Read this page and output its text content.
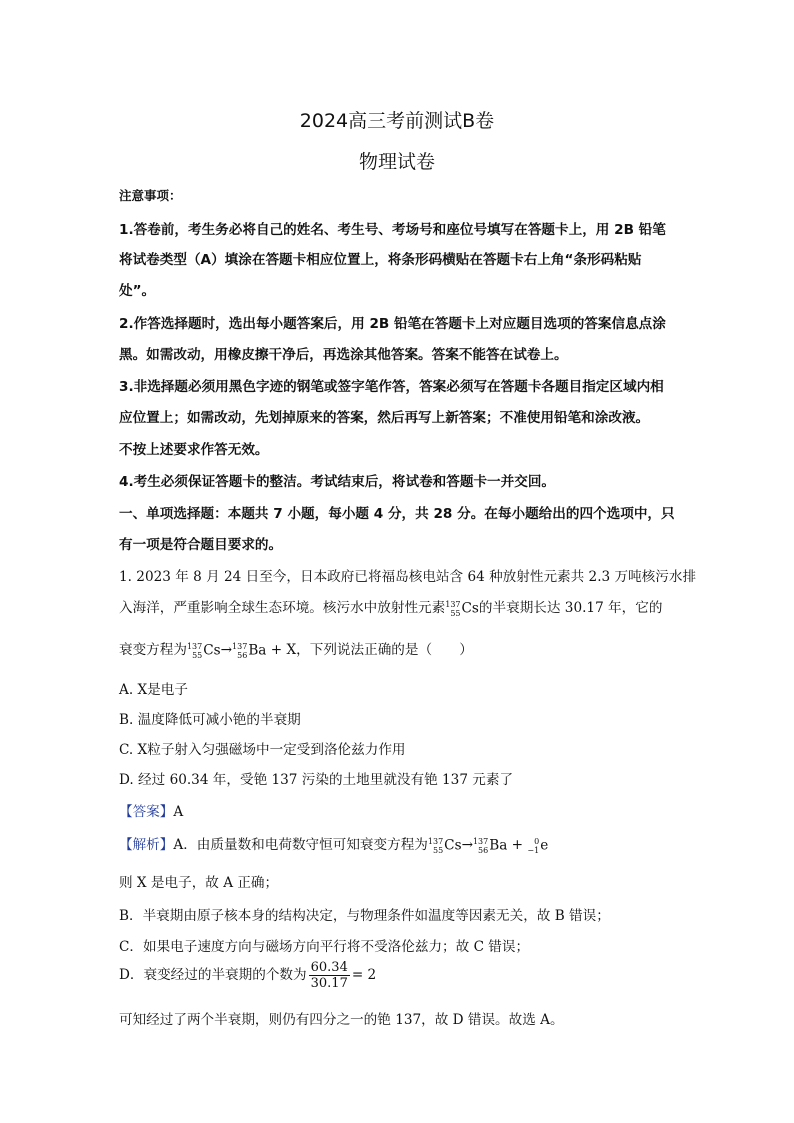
2024高三考前测试B卷
物理试卷
注意事项：
1.答卷前，考生务必将自己的姓名、考生号、考场号和座位号填写在答题卡上，用 2B 铅笔
将试卷类型（A）填涂在答题卡相应位置上，将条形码横贴在答题卡右上角“条形码粘贴
处”。
2.作答选择题时，选出每小题答案后，用 2B 铅笔在答题卡上对应题目选项的答案信息点涂
黑。如需改动，用橡皮擦干净后，再选涂其他答案。答案不能答在试卷上。
3.非选择题必须用黑色字迹的钢笔或签字笔作答，答案必须写在答题卡各题目指定区域内相
应位置上；如需改动，先划掉原来的答案，然后再写上新答案；不准使用铅笔和涂改液。
不按上述要求作答无效。
4.考生必须保证答题卡的整洁。考试结束后，将试卷和答题卡一并交回。
一、单项选择题：本题共 7 小题，每小题 4 分，共 28 分。在每小题给出的四个选项中，只
有一项是符合题目要求的。
1. 2023 年 8 月 24 日至今，日本政府已将福岛核电站含 64 种放射性元素共 2.3 万吨核污水排
入海洋，严重影响全球生态环境。核污水中放射性元素 137
55 Cs的半衰期长达 30.17 年，它的
衰变方程为 137
55 Cs→ 137
56 Ba + X，下列说法正确的是（　　）
A. X是电子
B. 温度降低可减小铯的半衰期
C. X粒子射入匀强磁场中一定受到洛伦兹力作用
D. 经过 60.34 年，受铯 137 污染的土地里就没有铯 137 元素了
【答案】A
【解析】A．由质量数和电荷数守恒可知衰变方程为 137
55 Cs→ 137
56 Ba +	0
−1 e
则 X 是电子，故 A 正确；
B．半衰期由原子核本身的结构决定，与物理条件如温度等因素无关，故 B 错误；
C．如果电子速度方向与磁场方向平行将不受洛伦兹力；故 C 错误；
D．衰变经过的半衰期的个数为 $\frac{60.34}{30.17} = 2$
可知经过了两个半衰期，则仍有四分之一的铯 137，故 D 错误。故选 A。
